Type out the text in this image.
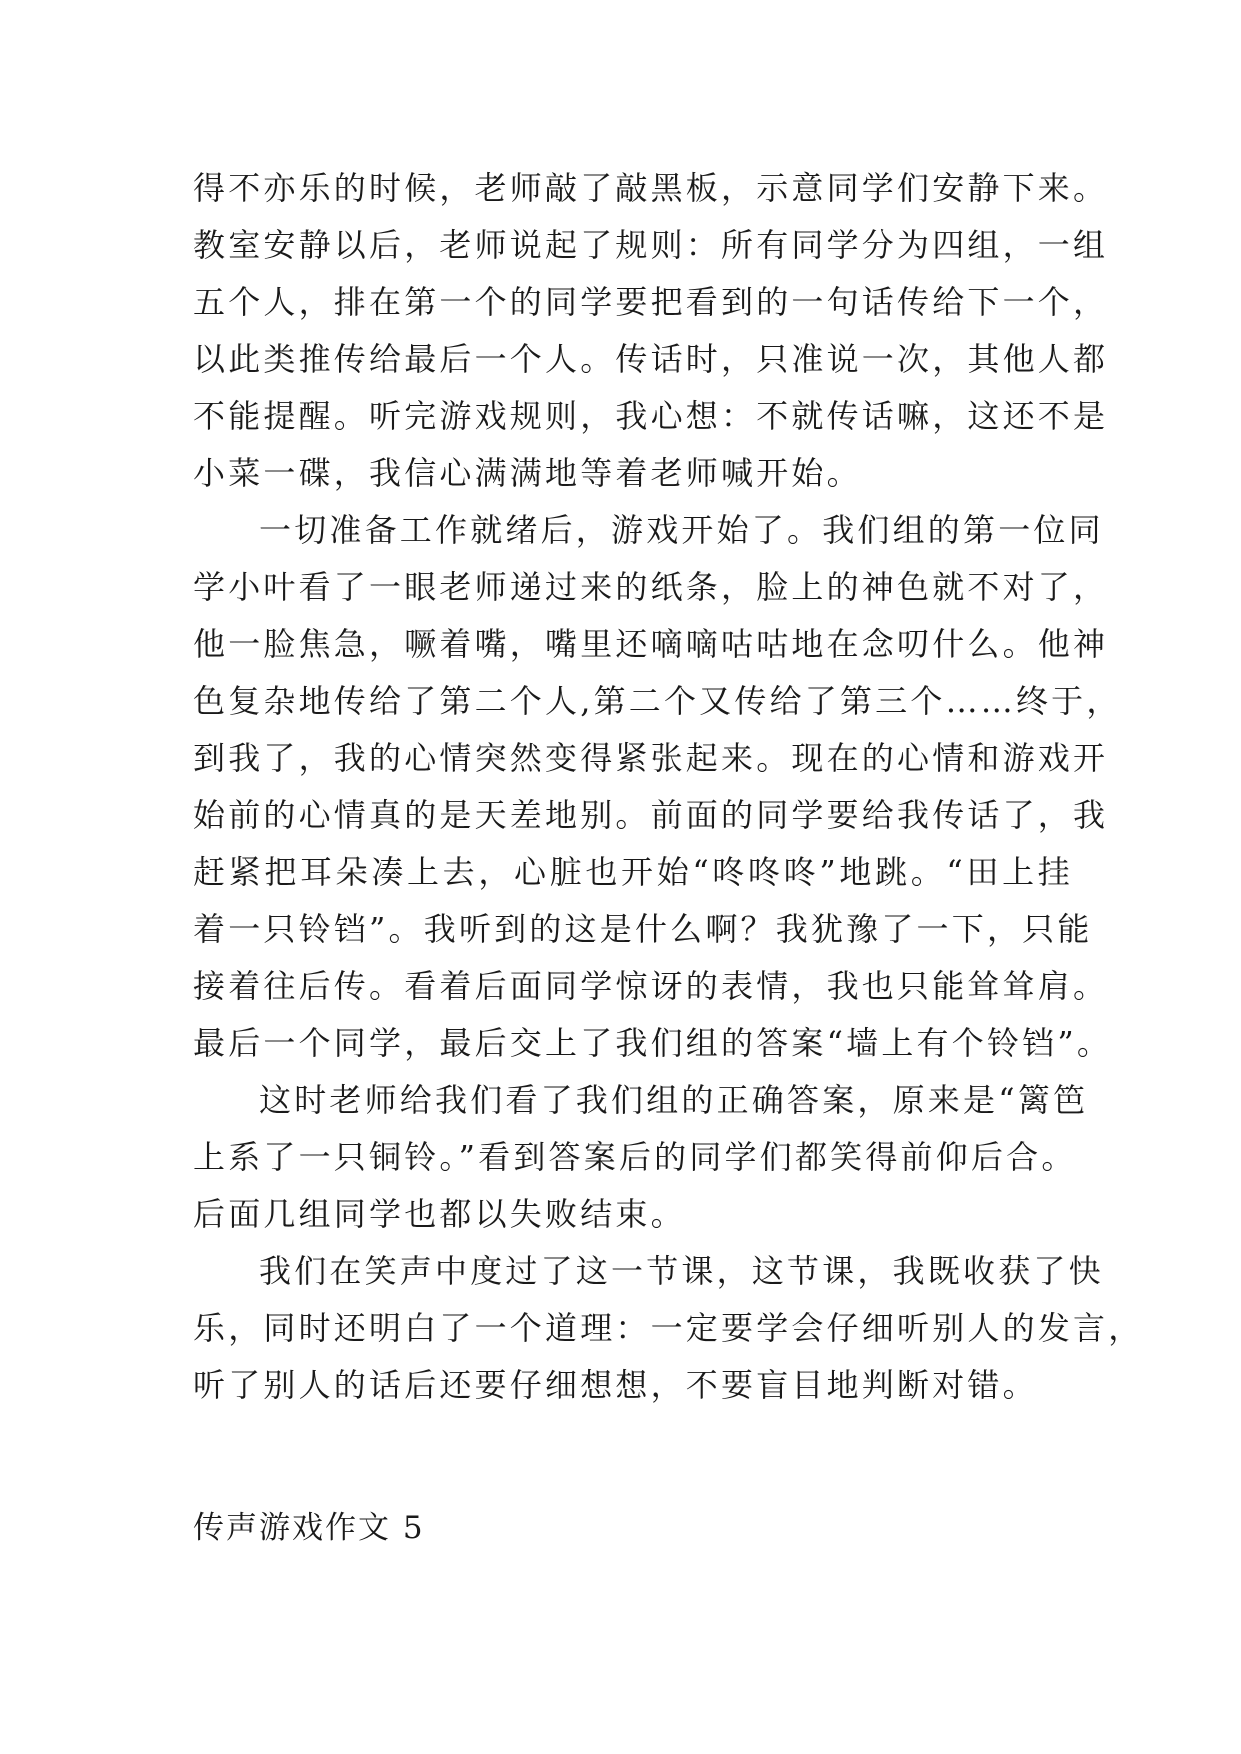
得不亦乐的时候，老师敲了敲黑板，示意同学们安静下来。
教室安静以后，老师说起了规则：所有同学分为四组，一组
五个人，排在第一个的同学要把看到的一句话传给下一个，
以此类推传给最后一个人。传话时，只准说一次，其他人都
不能提醒。听完游戏规则，我心想：不就传话嘛，这还不是
小菜一碟，我信心满满地等着老师喊开始。
一切准备工作就绪后，游戏开始了。我们组的第一位同
学小叶看了一眼老师递过来的纸条，脸上的神色就不对了，
他一脸焦急，噘着嘴，嘴里还嘀嘀咕咕地在念叨什么。他神
色复杂地传给了第二个人,第二个又传给了第三个……终于，
到我了，我的心情突然变得紧张起来。现在的心情和游戏开
始前的心情真的是天差地别。前面的同学要给我传话了，我
赶紧把耳朵凑上去，心脏也开始“咚咚咚”地跳。“田上挂
着一只铃铛”。我听到的这是什么啊？我犹豫了一下，只能
接着往后传。看着后面同学惊讶的表情，我也只能耸耸肩。
最后一个同学，最后交上了我们组的答案“墙上有个铃铛”。
这时老师给我们看了我们组的正确答案，原来是“篱笆
上系了一只铜铃。”看到答案后的同学们都笑得前仰后合。
后面几组同学也都以失败结束。
我们在笑声中度过了这一节课，这节课，我既收获了快
乐，同时还明白了一个道理：一定要学会仔细听别人的发言，
听了别人的话后还要仔细想想，不要盲目地判断对错。
传声游戏作文 5
